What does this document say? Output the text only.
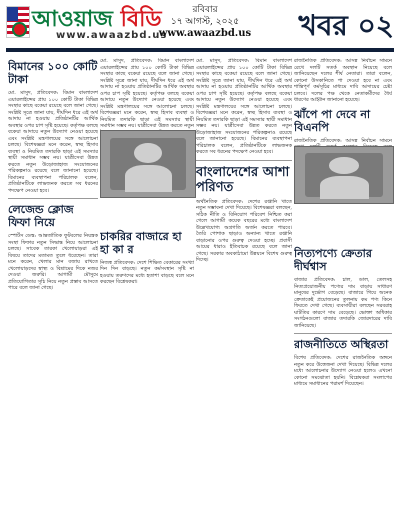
আওয়াজ বিডি
www.awaazbd.us
রবিবার
১৭ আগস্ট, ২০২৫
www.awaazbd.us	খবর ০২
বিমানের ১০০ কোটি টাকা
মো. মাসুদ, প্রতিবেদক: বিমান বাংলাদেশ এয়ারলাইন্সের প্রায় ১০০ কোটি টাকা বিভিন্ন সংস্থার কাছে বকেয়া রয়েছে বলে জানা গেছে। সংশ্লিষ্ট সূত্রে জানা যায়, দীর্ঘদিন ধরে এই অর্থ আদায় না হওয়ায় প্রতিষ্ঠানটির আর্থিক অবস্থার ওপর চাপ সৃষ্টি হয়েছে। কর্তৃপক্ষ বলছে বকেয়া আদায়ে নতুন উদ্যোগ নেওয়া হয়েছে এবং সংশ্লিষ্ট মন্ত্রণালয়ের সঙ্গে আলোচনা চলছে। বিশেষজ্ঞরা মনে করেন, স্বচ্ছ হিসাব ব্যবস্থা ও নিয়মিত তদারকি ছাড়া এই সমস্যার স্থায়ী সমাধান সম্ভব নয়। যাত্রীসেবা উন্নত করতে নতুন উড়োজাহাজ সংযোজনের পরিকল্পনাও রয়েছে বলে জানানো হয়েছে। বিমানের ব্যবস্থাপনা পরিচালক বলেন, প্রতিষ্ঠানটিকে লাভজনক করতে সব ধরনের পদক্ষেপ নেওয়া হবে।
লেজেন্ড ক্লোজ ফিফা নিয়ে
স্পোর্টস ডেস্ক: আন্তর্জাতিক ফুটবলের নিয়ন্ত্রক সংস্থা ফিফার নতুন সিদ্ধান্ত নিয়ে আলোচনা চলছে। সাবেক তারকা খেলোয়াড়রা এই বিষয়ে তাদের মতামত তুলে ধরেছেন। তারা মনে করেন, খেলার মান বজায় রাখতে খেলোয়াড়দের স্বাস্থ্য ও বিশ্রামের দিকে নজর দেওয়া জরুরি। আগামী মৌসুমে প্রতিযোগিতার সূচি নিয়ে নতুন প্রস্তাব আসতে পারে বলে জানা গেছে।
মো. মাসুদ, প্রতিবেদক: বিমান বাংলাদেশ এয়ারলাইন্সের প্রায় ১০০ কোটি টাকা বিভিন্ন সংস্থার কাছে বকেয়া রয়েছে বলে জানা গেছে। সংশ্লিষ্ট সূত্রে জানা যায়, দীর্ঘদিন ধরে এই অর্থ আদায় না হওয়ায় প্রতিষ্ঠানটির আর্থিক অবস্থার ওপর চাপ সৃষ্টি হয়েছে। কর্তৃপক্ষ বলছে বকেয়া আদায়ে নতুন উদ্যোগ নেওয়া হয়েছে এবং সংশ্লিষ্ট মন্ত্রণালয়ের সঙ্গে আলোচনা চলছে। বিশেষজ্ঞরা মনে করেন, স্বচ্ছ হিসাব ব্যবস্থা ও নিয়মিত তদারকি ছাড়া এই সমস্যার স্থায়ী সমাধান সম্ভব নয়। যাত্রীসেবা উন্নত করতে নতুন
চাকরির বাজারে হা হা কা র
নিজস্ব প্রতিবেদক: দেশে শিক্ষিত বেকারের সংখ্যা দিন দিন বাড়ছে। নতুন কর্মসংস্থান সৃষ্টি না হওয়ায় তরুণদের মধ্যে হতাশা বাড়ছে বলে মনে করছেন বিশ্লেষকরা।
মো. মাসুদ, প্রতিবেদক: বিমান বাংলাদেশ এয়ারলাইন্সের প্রায় ১০০ কোটি টাকা বিভিন্ন সংস্থার কাছে বকেয়া রয়েছে বলে জানা গেছে। সংশ্লিষ্ট সূত্রে জানা যায়, দীর্ঘদিন ধরে এই অর্থ আদায় না হওয়ায় প্রতিষ্ঠানটির আর্থিক অবস্থার ওপর চাপ সৃষ্টি হয়েছে। কর্তৃপক্ষ বলছে বকেয়া আদায়ে নতুন উদ্যোগ নেওয়া হয়েছে এবং সংশ্লিষ্ট মন্ত্রণালয়ের সঙ্গে আলোচনা চলছে। বিশেষজ্ঞরা মনে করেন, স্বচ্ছ হিসাব ব্যবস্থা ও নিয়মিত তদারকি ছাড়া এই সমস্যার স্থায়ী সমাধান সম্ভব নয়। যাত্রীসেবা উন্নত করতে নতুন উড়োজাহাজ সংযোজনের পরিকল্পনাও রয়েছে বলে জানানো হয়েছে। বিমানের ব্যবস্থাপনা পরিচালক বলেন, প্রতিষ্ঠানটিকে লাভজনক করতে সব ধরনের পদক্ষেপ নেওয়া হবে।
বাংলাদেশের আশা পরিণত
অর্থনৈতিক প্রতিবেদক: দেশের রপ্তানি খাতে নতুন সম্ভাবনা দেখা দিয়েছে। বিশেষজ্ঞরা বলছেন, সঠিক নীতি ও বিনিয়োগ পরিবেশ নিশ্চিত করা গেলে আগামী কয়েক বছরের মধ্যে বাংলাদেশ উল্লেখযোগ্য অগ্রগতি অর্জন করতে পারবে। তৈরি পোশাক ছাড়াও অন্যান্য খাতে রপ্তানি বাড়ানোর ওপর গুরুত্ব দেওয়া হচ্ছে। প্রবাসী আয়ের ধারাও ইতিবাচক রয়েছে বলে জানা গেছে। সরকার অবকাঠামো উন্নয়নে বিশেষ গুরুত্ব দিচ্ছে।
রাজনৈতিক প্রতিবেদক: আসন্ন নির্বাচন সামনে রেখে দলটি সতর্ক অবস্থান নিয়েছে বলে জানিয়েছেন দলের শীর্ষ নেতারা। তারা বলেন, কোনো উসকানিতে পা দেওয়া হবে না এবং শান্তিপূর্ণ কর্মসূচির মাধ্যমে দাবি আদায়ের চেষ্টা চলবে। দলের পক্ষ থেকে নেতাকর্মীদের ধৈর্য ধারণের আহ্বান জানানো হয়েছে।
ঝাঁপে পা দেবে না বিএনপি
রাজনৈতিক প্রতিবেদক: আসন্ন নির্বাচন সামনে
নিত্যপণ্যে ক্রেতার দীর্ঘশ্বাস
বাজার প্রতিবেদক: চাল, ডাল, তেলসহ নিত্যপ্রয়োজনীয় পণ্যের দাম বাড়ায় সাধারণ মানুষের দুর্ভোগ বেড়েছে। বাজারে গিয়ে অনেক ক্রেতাকেই প্রয়োজনের তুলনায় কম পণ্য কিনে ফিরতে দেখা গেছে। ব্যবসায়ীরা বলছেন সরবরাহ ঘাটতির কারণে দাম বেড়েছে। ভোক্তা অধিকার সংগঠনগুলো বাজার তদারকি জোরদারের দাবি জানিয়েছে।
রাজনীতিতে অস্থিরতা
বিশেষ প্রতিবেদক: দেশের রাজনৈতিক অঙ্গনে নতুন করে উত্তেজনা দেখা দিয়েছে। বিভিন্ন দলের মধ্যে আলোচনার উদ্যোগ নেওয়া হলেও এখনো কোনো সমঝোতা হয়নি। বিশ্লেষকরা সংলাপের মাধ্যমে সমাধানের পরামর্শ দিয়েছেন।
